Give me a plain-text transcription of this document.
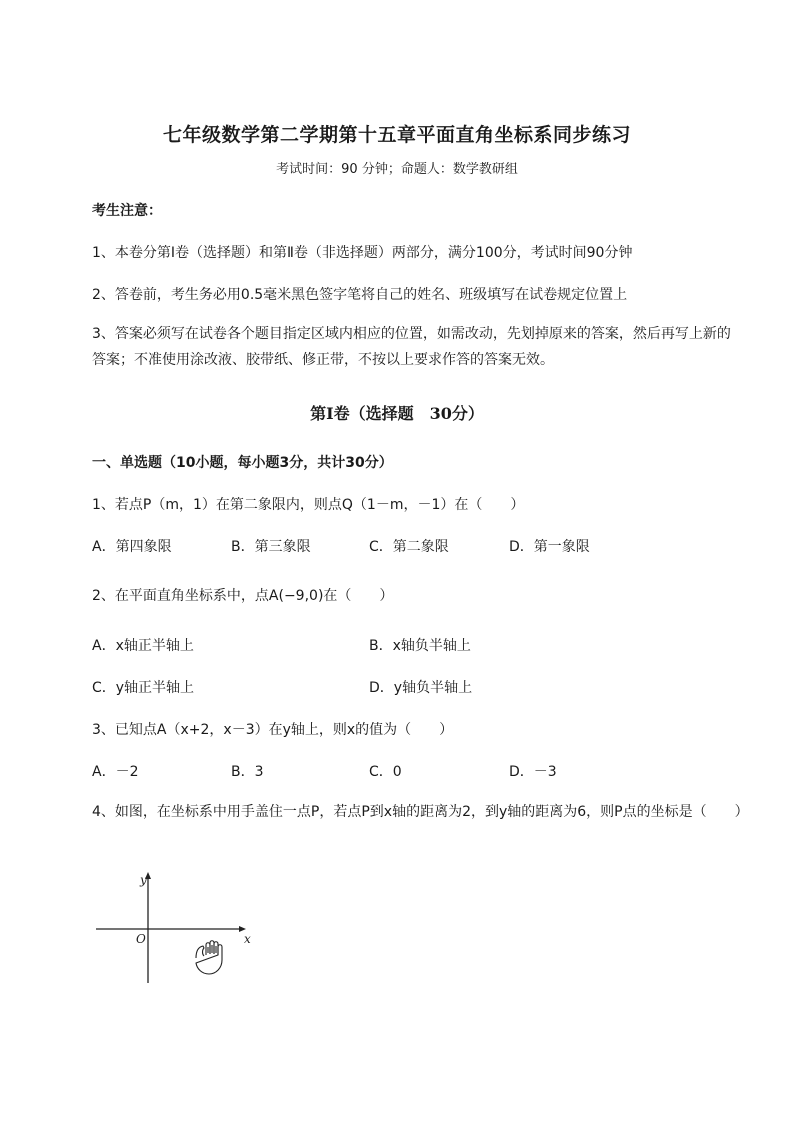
七年级数学第二学期第十五章平面直角坐标系同步练习
考试时间：90 分钟；命题人：数学教研组
考生注意：
1、本卷分第Ⅰ卷（选择题）和第Ⅱ卷（非选择题）两部分，满分100分，考试时间90分钟
2、答卷前，考生务必用0.5毫米黑色签字笔将自己的姓名、班级填写在试卷规定位置上
3、答案必须写在试卷各个题目指定区域内相应的位置，如需改动，先划掉原来的答案，然后再写上新的答案；不准使用涂改液、胶带纸、修正带，不按以上要求作答的答案无效。
第Ⅰ卷（选择题　30分）
一、单选题（10小题，每小题3分，共计30分）
1、若点P（m，1）在第二象限内，则点Q（1－m，－1）在（　　）
A．第四象限	B．第三象限	C．第二象限	D．第一象限
2、在平面直角坐标系中，点A(−9,0)在（　　）
A．x轴正半轴上	B．x轴负半轴上
C．y轴正半轴上	D．y轴负半轴上
3、已知点A（x+2，x－3）在y轴上，则x的值为（　　）
A．－2	B．3	C．0	D．－3
4、如图，在坐标系中用手盖住一点P，若点P到x轴的距离为2，到y轴的距离为6，则P点的坐标是（　　）
y
x
O
